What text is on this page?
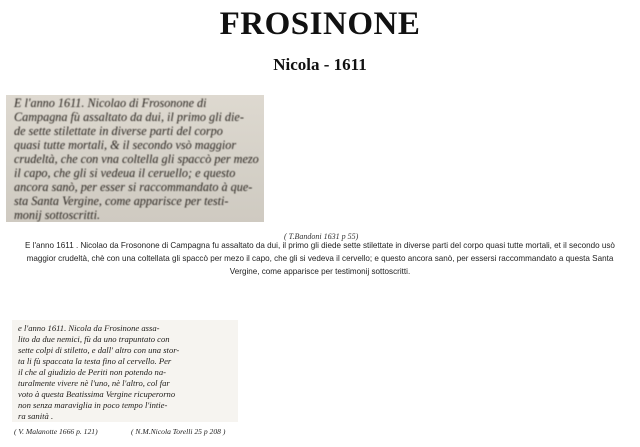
FROSINONE
Nicola - 1611
E l'anno 1611. Nicolao di Frosonone di
Campagna fù assaltato da dui, il primo gli die-
de sette stilettate in diverse parti del corpo
quasi tutte mortali, & il secondo vsò maggior
crudeltà, che con vna coltella gli spaccò per mezo
il capo, che gli si vedeua il ceruello; e questo
ancora sanò, per esser si raccommandato à que-
sta Santa Vergine, come apparisce per testi-
monij sottoscritti.
( T.Bandoni 1631 p 55)

E l'anno 1611 . Nicolao da Frosonone di Campagna fu assaltato da dui, il primo gli diede sette stilettate in diverse parti del corpo quasi tutte mortali, et il secondo usò maggior crudeltà, chè con una coltellata gli spaccò per mezo il capo, che gli si vedeva il cervello; e questo ancora sanò, per essersi raccommandato a questa Santa Vergine, come apparisce per testimonij sottoscritti.

e l'anno 1611. Nicola da Frosinone assa-
lito da due nemici, fù da uno trapuntato con
sette colpi di stiletto, e dall' altro con una stor-
ta li fù spaccata la testa fino al cervello. Per
il che al giudizio de Periti non potendo na-
turalmente vivere nè l'uno, nè l'altro, col far
voto à questa Beatissima Vergine ricuperorno
non senza maraviglia in poco tempo l'intie-
ra sanità .
( V. Malanotte 1666 p. 121)	( N.M.Nicola Torelli 25 p 208 )
